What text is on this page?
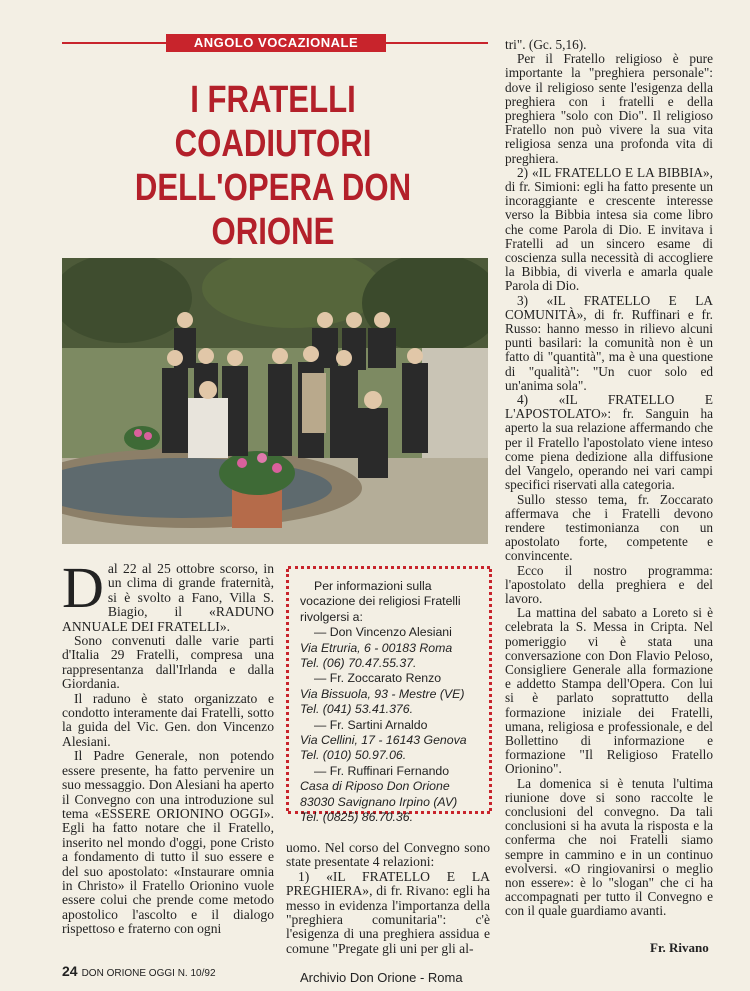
ANGOLO VOCAZIONALE
I FRATELLI COADIUTORI
DELL'OPERA DON ORIONE

Dal 22 al 25 ottobre scorso, in un clima di grande fraternità, si è svolto a Fano, Villa S. Biagio, il «RADUNO ANNUALE DEI FRATELLI».

Sono convenuti dalle varie parti d'Italia 29 Fratelli, compresa una rappresentanza dall'Irlanda e dalla Giordania.

Il raduno è stato organizzato e condotto interamente dai Fratelli, sotto la guida del Vic. Gen. don Vincenzo Alesiani.

Il Padre Generale, non potendo essere presente, ha fatto pervenire un suo messaggio. Don Alesiani ha aperto il Convegno con una introduzione sul tema «ESSERE ORIONINO OGGI». Egli ha fatto notare che il Fratello, inserito nel mondo d'oggi, pone Cristo a fondamento di tutto il suo essere e del suo apostolato: «Instaurare omnia in Christo» il Fratello Orionino vuole essere colui che prende come metodo apostolico l'ascolto e il dialogo rispettoso e fraterno con ogni

Per informazioni sulla vocazione dei religiosi Fratelli rivolgersi a:
— Don Vincenzo Alesiani
Via Etruria, 6 - 00183 Roma
Tel. (06) 70.47.55.37.
— Fr. Zoccarato Renzo
Via Bissuola, 93 - Mestre (VE)
Tel. (041) 53.41.376.
— Fr. Sartini Arnaldo
Via Cellini, 17 - 16143 Genova
Tel. (010) 50.97.06.
— Fr. Ruffinari Fernando
Casa di Riposo Don Orione
83030 Savignano Irpino (AV)
Tel. (0825) 86.70.36.

uomo. Nel corso del Convegno sono state presentate 4 relazioni:

1) «IL FRATELLO E LA PREGHIERA», di fr. Rivano: egli ha messo in evidenza l'importanza della "preghiera comunitaria": c'è l'esigenza di una preghiera assidua e comune "Pregate gli uni per gli al-

tri". (Gc. 5,16).

Per il Fratello religioso è pure importante la "preghiera personale": dove il religioso sente l'esigenza della preghiera con i fratelli e della preghiera "solo con Dio". Il religioso Fratello non può vivere la sua vita religiosa senza una profonda vita di preghiera.

2) «IL FRATELLO E LA BIBBIA», di fr. Simioni: egli ha fatto presente un incoraggiante e crescente interesse verso la Bibbia intesa sia come libro che come Parola di Dio. E invitava i Fratelli ad un sincero esame di coscienza sulla necessità di accogliere la Bibbia, di viverla e amarla quale Parola di Dio.

3) «IL FRATELLO E LA COMUNITÀ», di fr. Ruffinari e fr. Russo: hanno messo in rilievo alcuni punti basilari: la comunità non è un fatto di "quantità", ma è una questione di "qualità": "Un cuor solo ed un'anima sola".

4) «IL FRATELLO E L'APOSTOLATO»: fr. Sanguin ha aperto la sua relazione affermando che per il Fratello l'apostolato viene inteso come piena dedizione alla diffusione del Vangelo, operando nei vari campi specifici riservati alla categoria.

Sullo stesso tema, fr. Zoccarato affermava che i Fratelli devono rendere testimonianza con un apostolato forte, competente e convincente.

Ecco il nostro programma: l'apostolato della preghiera e del lavoro.

La mattina del sabato a Loreto si è celebrata la S. Messa in Cripta. Nel pomeriggio vi è stata una conversazione con Don Flavio Peloso, Consigliere Generale alla formazione e addetto Stampa dell'Opera. Con lui si è parlato soprattutto della formazione iniziale dei Fratelli, umana, religiosa e professionale, e del Bollettino di informazione e formazione "Il Religioso Fratello Orionino".

La domenica si è tenuta l'ultima riunione dove si sono raccolte le conclusioni del convegno. Da tali conclusioni si ha avuta la risposta e la conferma che noi Fratelli siamo sempre in cammino e in un continuo evolversi. «O ringiovanirsi o meglio non essere»: è lo "slogan" che ci ha accompagnati per tutto il Convegno e con il quale guardiamo avanti.

Fr. Rivano
24 DON ORIONE OGGI N. 10/92	Archivio Don Orione - Roma
